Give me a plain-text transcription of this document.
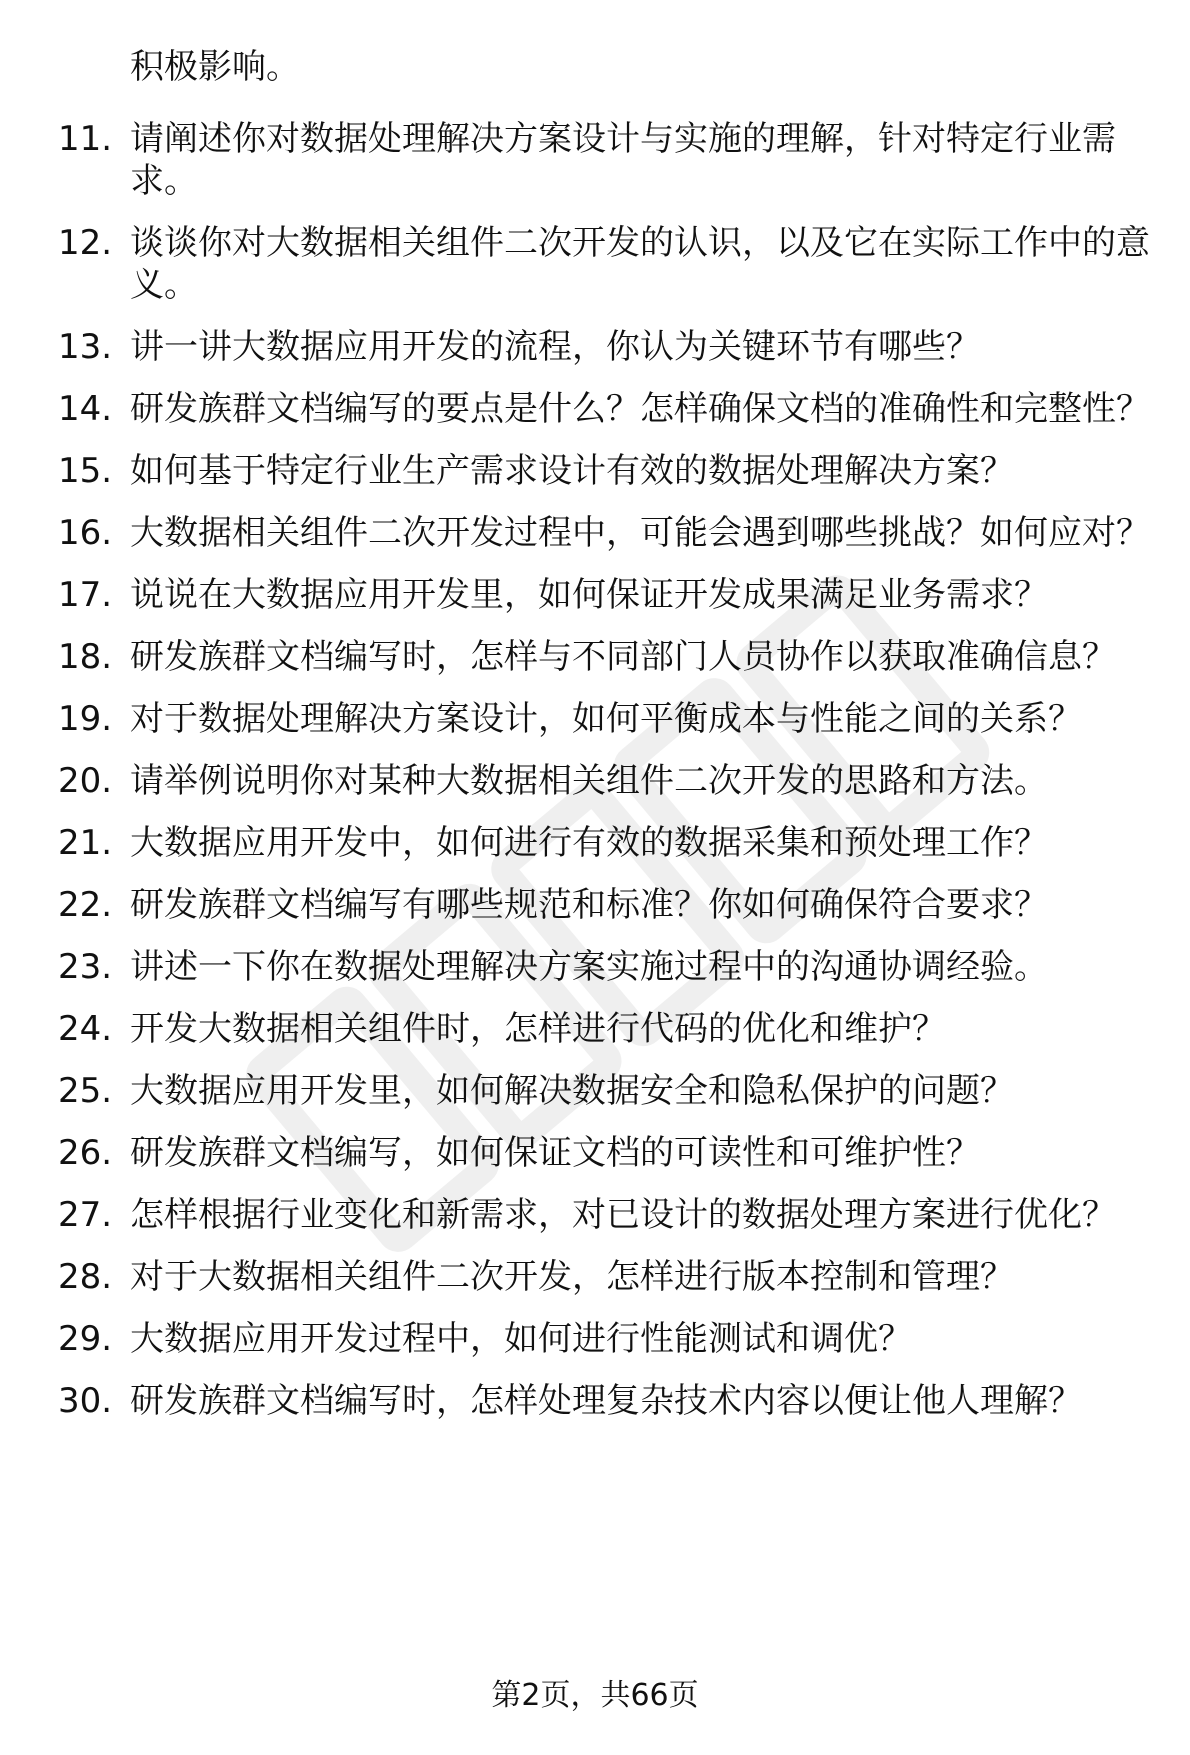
积极影响。
11. 请阐述你对数据处理解决方案设计与实施的理解，针对特定行业需求。
12. 谈谈你对大数据相关组件二次开发的认识，以及它在实际工作中的意义。
13. 讲一讲大数据应用开发的流程，你认为关键环节有哪些？
14. 研发族群文档编写的要点是什么？怎样确保文档的准确性和完整性？
15. 如何基于特定行业生产需求设计有效的数据处理解决方案？
16. 大数据相关组件二次开发过程中，可能会遇到哪些挑战？如何应对？
17. 说说在大数据应用开发里，如何保证开发成果满足业务需求？
18. 研发族群文档编写时，怎样与不同部门人员协作以获取准确信息？
19. 对于数据处理解决方案设计，如何平衡成本与性能之间的关系？
20. 请举例说明你对某种大数据相关组件二次开发的思路和方法。
21. 大数据应用开发中，如何进行有效的数据采集和预处理工作？
22. 研发族群文档编写有哪些规范和标准？你如何确保符合要求？
23. 讲述一下你在数据处理解决方案实施过程中的沟通协调经验。
24. 开发大数据相关组件时，怎样进行代码的优化和维护？
25. 大数据应用开发里，如何解决数据安全和隐私保护的问题？
26. 研发族群文档编写，如何保证文档的可读性和可维护性？
27. 怎样根据行业变化和新需求，对已设计的数据处理方案进行优化？
28. 对于大数据相关组件二次开发，怎样进行版本控制和管理？
29. 大数据应用开发过程中，如何进行性能测试和调优？
30. 研发族群文档编写时，怎样处理复杂技术内容以便让他人理解？
第2页，共66页
